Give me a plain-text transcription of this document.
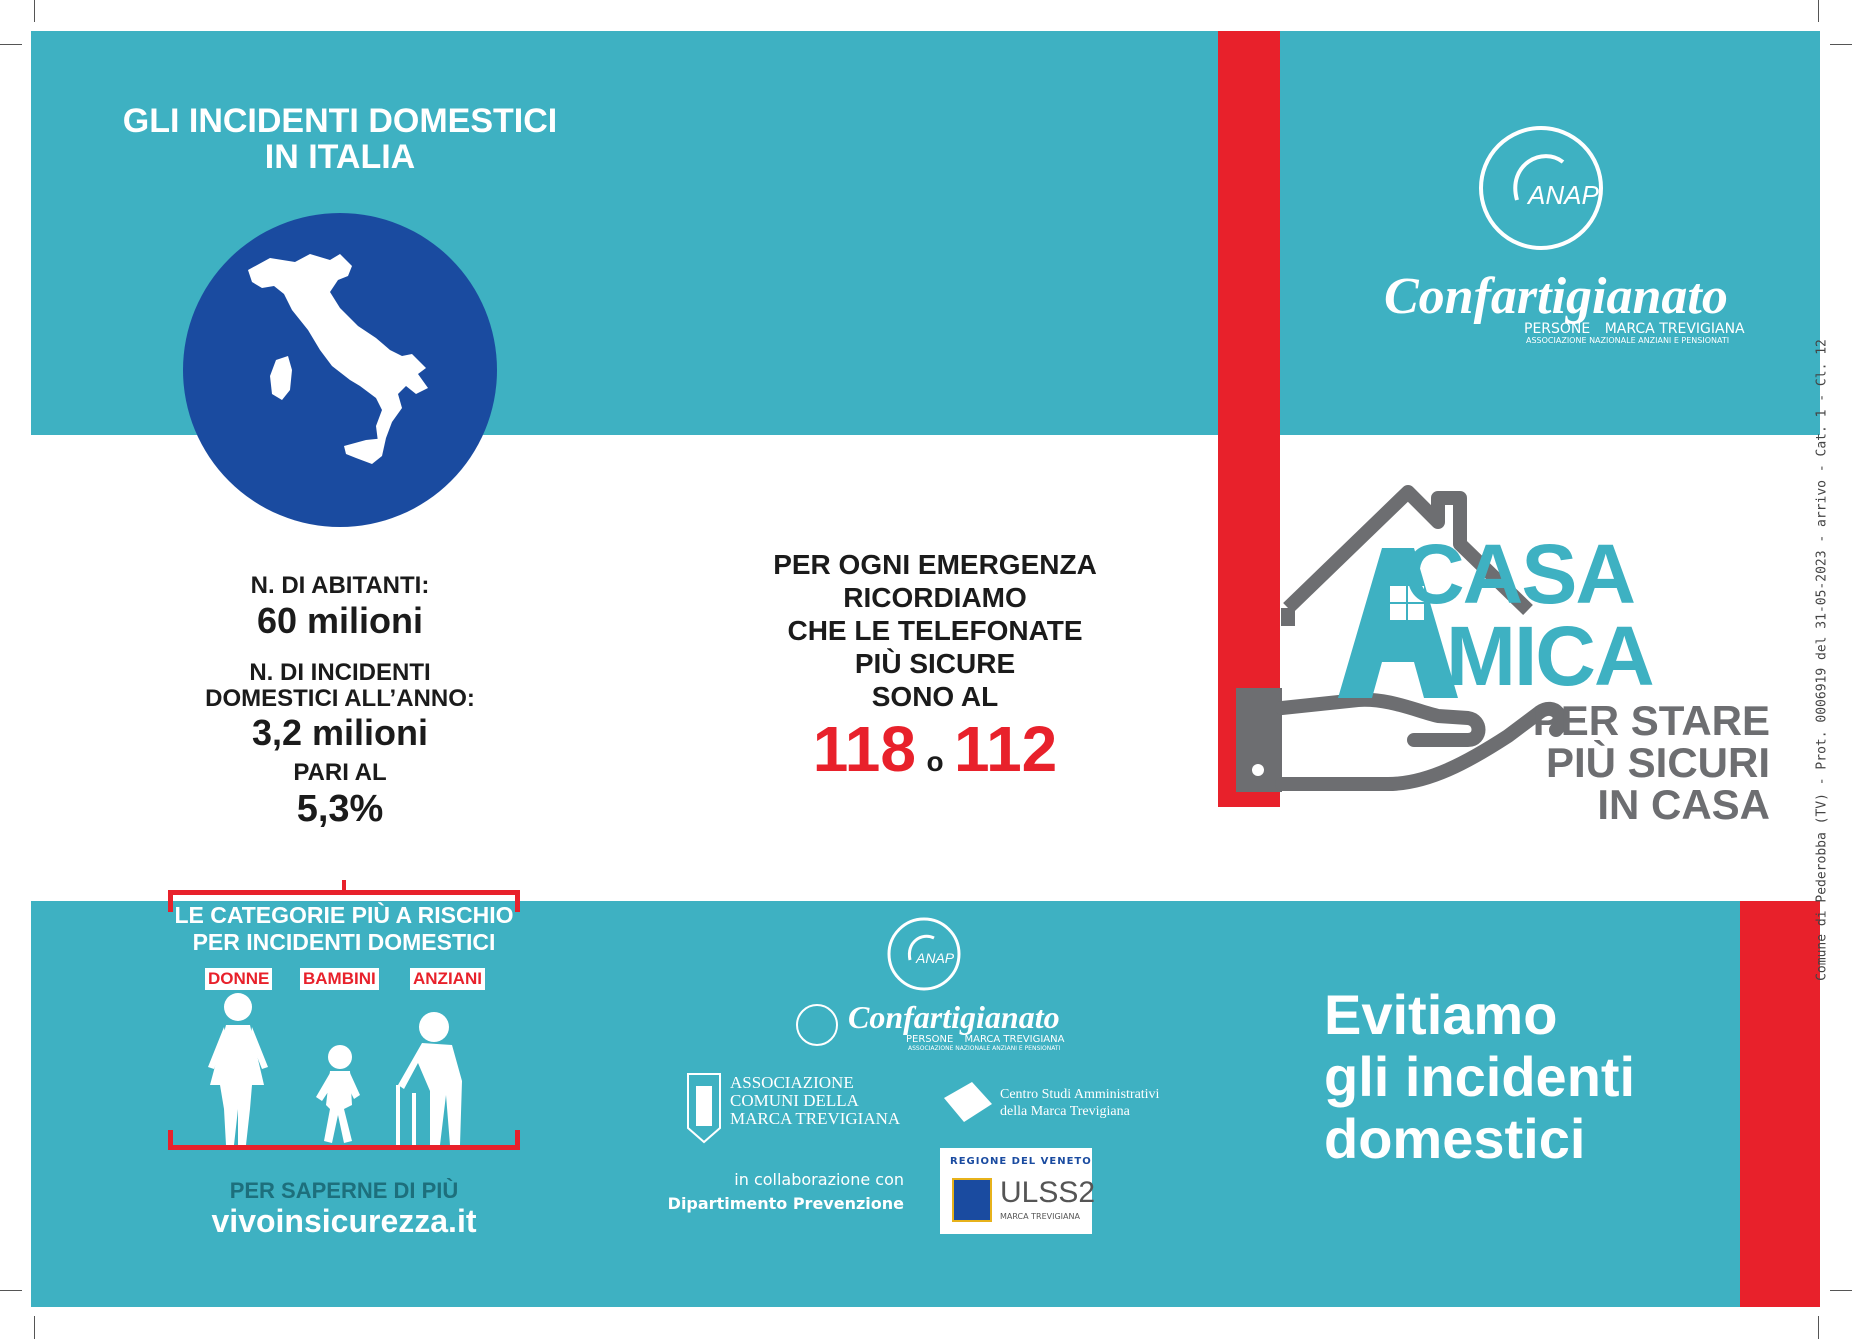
GLI INCIDENTI DOMESTICI
IN ITALIA
N. DI ABITANTI:
60 milioni
N. DI INCIDENTI
DOMESTICI ALL’ANNO:
3,2 milioni
PARI AL
5,3%
LE CATEGORIE PIÙ A RISCHIO
PER INCIDENTI DOMESTICI
DONNE BAMBINI ANZIANI
PER SAPERNE DI PIÙ
vivoinsicurezza.it
PER OGNI EMERGENZA
RICORDIAMO
CHE LE TELEFONATE
PIÙ SICURE
SONO AL
118 o 112
ANAP
Confartigianato
PERSONE MARCA TREVIGIANA
ASSOCIAZIONE NAZIONALE ANZIANI E PENSIONATI
ASSOCIAZIONE
COMUNI DELLA
MARCA TREVIGIANA
Centro Studi Amministrativi
della Marca Trevigiana
in collaborazione con
Dipartimento Prevenzione
REGIONE DEL VENETO
ULSS2
MARCA TREVIGIANA
ANAP
Confartigianato
PERSONE MARCA TREVIGIANA
ASSOCIAZIONE NAZIONALE ANZIANI E PENSIONATI
CASA
MICA
PER STARE
PIÙ SICURI
IN CASA
Evitiamo
gli incidenti
domestici
Comune di Pederobba (TV) - Prot. 0006919 del 31-05-2023 - arrivo - Cat. 1 - Cl. 12
